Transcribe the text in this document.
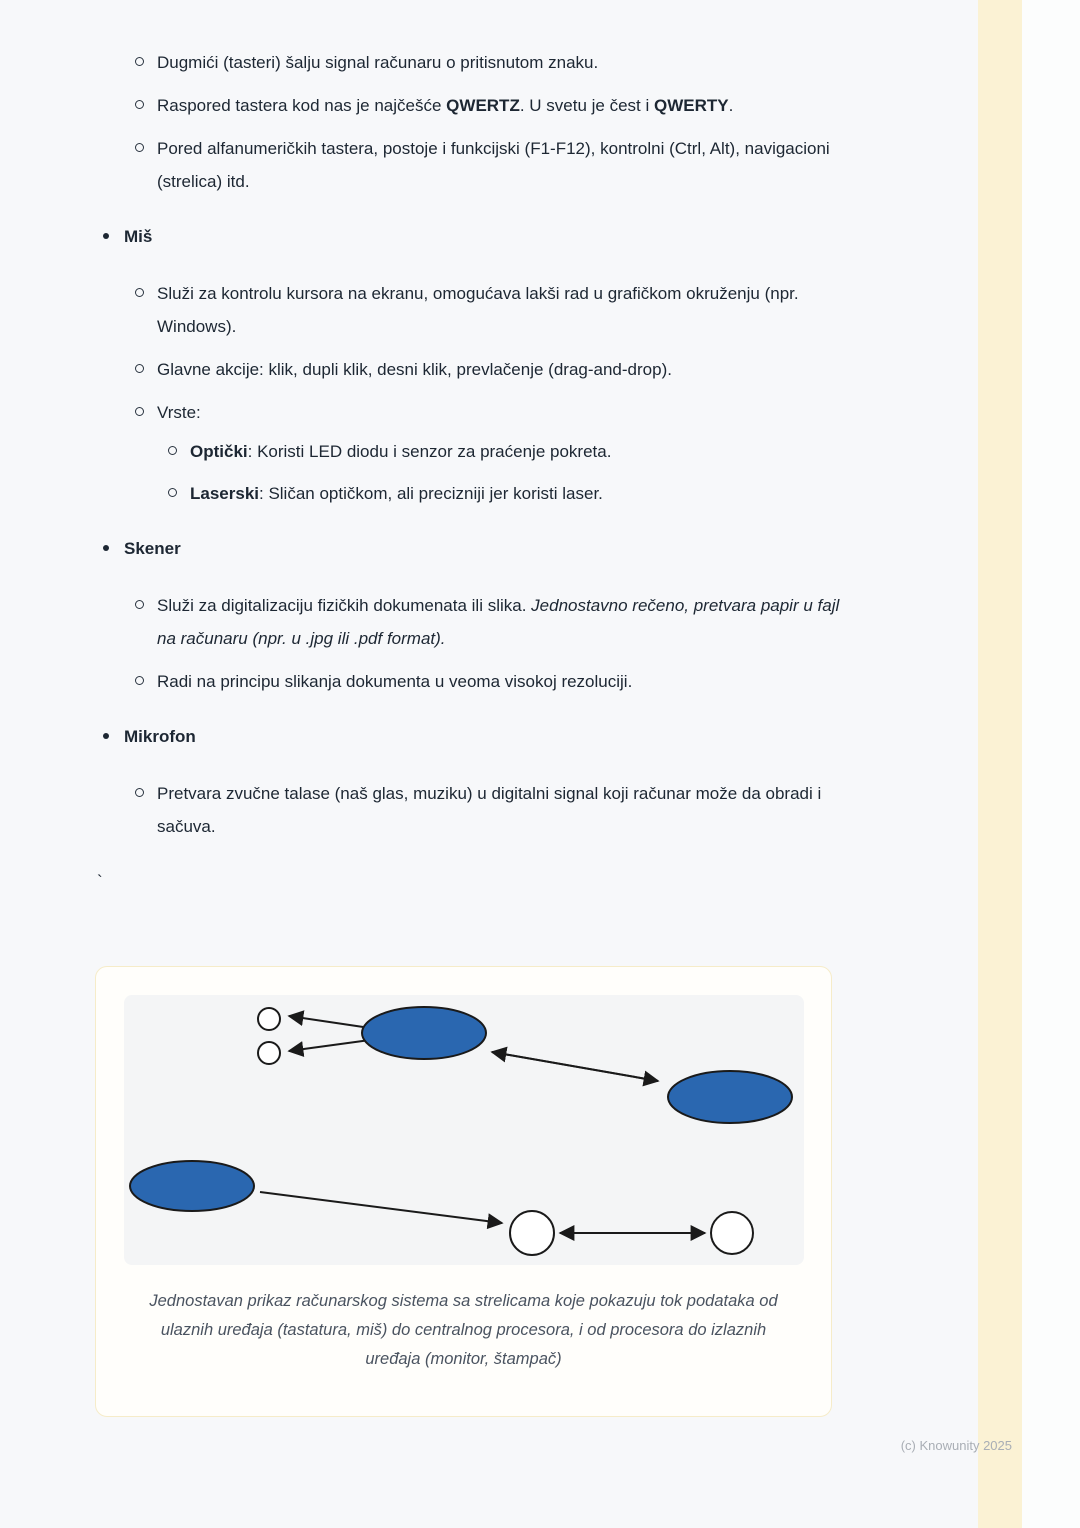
Dugmići (tasteri) šalju signal računaru o pritisnutom znaku.
Raspored tastera kod nas je najčešće QWERTZ. U svetu je čest i QWERTY.
Pored alfanumeričkih tastera, postoje i funkcijski (F1-F12), kontrolni (Ctrl, Alt), navigacioni (strelica) itd.
Miš
Služi za kontrolu kursora na ekranu, omogućava lakši rad u grafičkom okruženju (npr. Windows).
Glavne akcije: klik, dupli klik, desni klik, prevlačenje (drag-and-drop).
Vrste:
Optički: Koristi LED diodu i senzor za praćenje pokreta.
Laserski: Sličan optičkom, ali precizniji jer koristi laser.
Skener
Služi za digitalizaciju fizičkih dokumenata ili slika. Jednostavno rečeno, pretvara papir u fajl na računaru (npr. u .jpg ili .pdf format).
Radi na principu slikanja dokumenta u veoma visokoj rezoluciji.
Mikrofon
Pretvara zvučne talase (naš glas, muziku) u digitalni signal koji računar može da obradi i sačuva.
`

Jednostavan prikaz računarskog sistema sa strelicama koje pokazuju tok podataka od ulaznih uređaja (tastatura, miš) do centralnog procesora, i od procesora do izlaznih uređaja (monitor, štampač)

(c) Knowunity 2025
